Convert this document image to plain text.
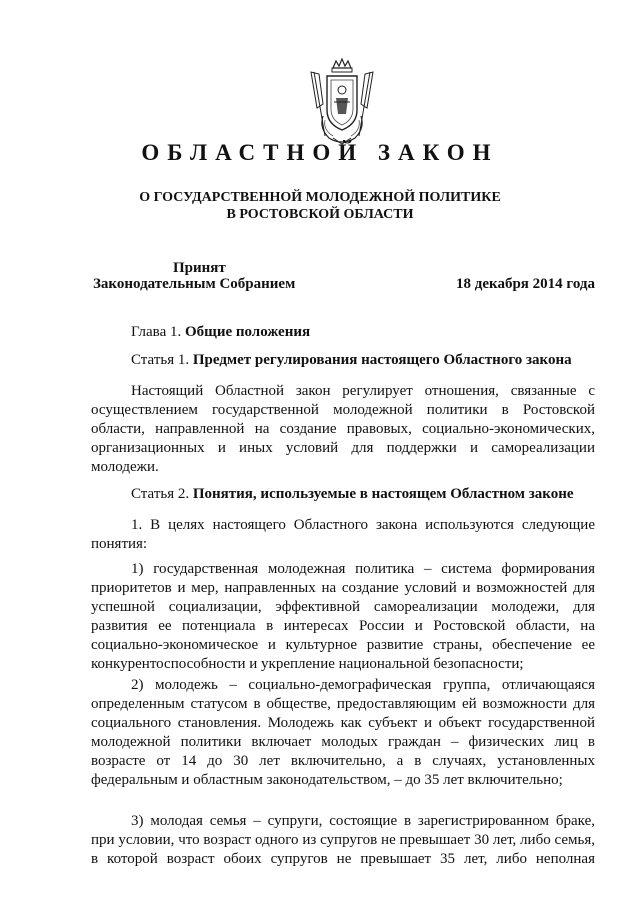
ОБЛАСТНОЙ ЗАКОН
О ГОСУДАРСТВЕННОЙ МОЛОДЕЖНОЙ ПОЛИТИКЕ
В РОСТОВСКОЙ ОБЛАСТИ
Принят
Законодательным Собранием	18 декабря 2014 года
Глава 1. Общие положения
Статья 1. Предмет регулирования настоящего Областного закона
Настоящий Областной закон регулирует отношения, связанные с осуществлением государственной молодежной политики в Ростовской области, направленной на создание правовых, социально-экономических, организационных и иных условий для поддержки и самореализации молодежи.
Статья 2. Понятия, используемые в настоящем Областном законе
1. В целях настоящего Областного закона используются следующие понятия:
1) государственная молодежная политика – система формирования приоритетов и мер, направленных на создание условий и возможностей для успешной социализации, эффективной самореализации молодежи, для развития ее потенциала в интересах России и Ростовской области, на социально-экономическое и культурное развитие страны, обеспечение ее конкурентоспособности и укрепление национальной безопасности;
2) молодежь – социально-демографическая группа, отличающаяся определенным статусом в обществе, предоставляющим ей возможности для социального становления. Молодежь как субъект и объект государственной молодежной политики включает молодых граждан – физических лиц в возрасте от 14 до 30 лет включительно, а в случаях, установленных федеральным и областным законодательством, – до 35 лет включительно;
3) молодая семья – супруги, состоящие в зарегистрированном браке, при условии, что возраст одного из супругов не превышает 30 лет, либо семья, в которой возраст обоих супругов не превышает 35 лет, либо неполная
